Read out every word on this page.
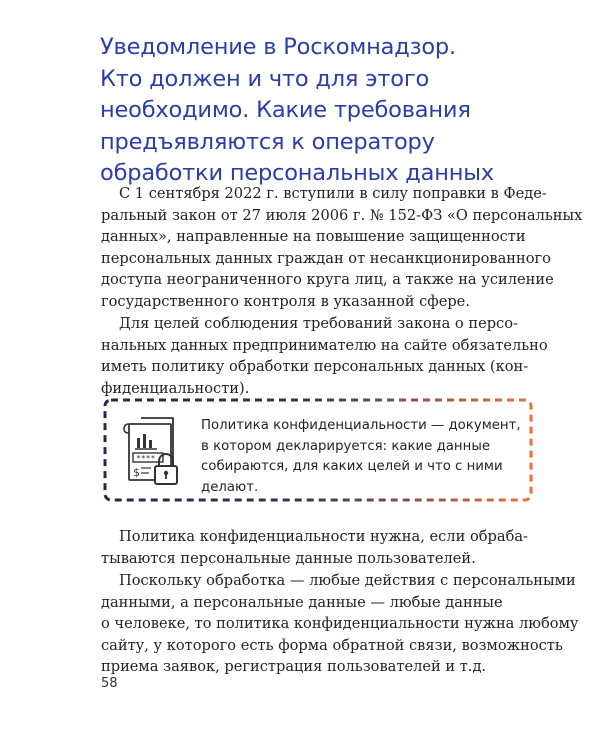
Уведомление в Роскомнадзор.
Кто должен и что для этого
необходимо. Какие требования
предъявляются к оператору
обработки персональных данных
С 1 сентября 2022 г. вступили в силу поправки в Феде-
ральный закон от 27 июля 2006 г. № 152-ФЗ «О персональных
данных», направленные на повышение защищенности
персональных данных граждан от несанкционированного
доступа неограниченного круга лиц, а также на усиление
государственного контроля в указанной сфере.
Для целей соблюдения требований закона о персо-
нальных данных предпринимателю на сайте обязательно
иметь политику обработки персональных данных (кон-
фиденциальности).
****
$
Политика конфиденциальности — документ,
в котором декларируется: какие данные
собираются, для каких целей и что с ними
делают.
Политика конфиденциальности нужна, если обраба-
тываются персональные данные пользователей.
Поскольку обработка — любые действия с персональными
данными, а персональные данные — любые данные
о человеке, то политика конфиденциальности нужна любому
сайту, у которого есть форма обратной связи, возможность
приема заявок, регистрация пользователей и т.д.
58
